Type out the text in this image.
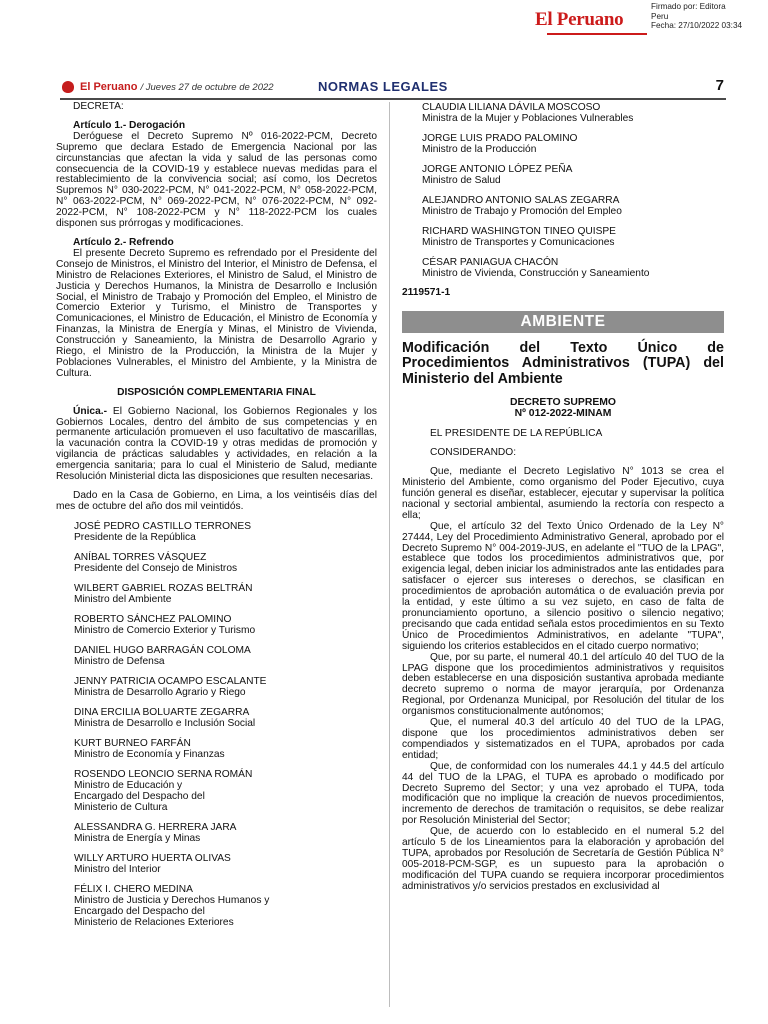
El Peruano
Firmado por: Editora
Peru
Fecha: 27/10/2022 03:34
El Peruano / Jueves 27 de octubre de 2022	NORMAS LEGALES	7

DECRETA:

Artículo 1.- Derogación

Deróguese el Decreto Supremo Nº 016-2022-PCM, Decreto Supremo que declara Estado de Emergencia Nacional por las circunstancias que afectan la vida y salud de las personas como consecuencia de la COVID-19 y establece nuevas medidas para el restablecimiento de la convivencia social; así como, los Decretos Supremos N° 030-2022-PCM, N° 041-2022-PCM, N° 058-2022-PCM, N° 063-2022-PCM, N° 069-2022-PCM, N° 076-2022-PCM, N° 092-2022-PCM, N° 108-2022-PCM y N° 118-2022-PCM los cuales disponen sus prórrogas y modificaciones.

Artículo 2.- Refrendo

El presente Decreto Supremo es refrendado por el Presidente del Consejo de Ministros, el Ministro del Interior, el Ministro de Defensa, el Ministro de Relaciones Exteriores, el Ministro de Salud, el Ministro de Justicia y Derechos Humanos, la Ministra de Desarrollo e Inclusión Social, el Ministro de Trabajo y Promoción del Empleo, el Ministro de Comercio Exterior y Turismo, el Ministro de Transportes y Comunicaciones, el Ministro de Educación, el Ministro de Economía y Finanzas, la Ministra de Energía y Minas, el Ministro de Vivienda, Construcción y Saneamiento, la Ministra de Desarrollo Agrario y Riego, el Ministro de la Producción, la Ministra de la Mujer y Poblaciones Vulnerables, el Ministro del Ambiente, y la Ministra de Cultura.

DISPOSICIÓN COMPLEMENTARIA FINAL

Única.- El Gobierno Nacional, los Gobiernos Regionales y los Gobiernos Locales, dentro del ámbito de sus competencias y en permanente articulación promueven el uso facultativo de mascarillas, la vacunación contra la COVID-19 y otras medidas de promoción y vigilancia de prácticas saludables y actividades, en relación a la emergencia sanitaria; para lo cual el Ministerio de Salud, mediante Resolución Ministerial dicta las disposiciones que resulten necesarias.

Dado en la Casa de Gobierno, en Lima, a los veintiséis días del mes de octubre del año dos mil veintidós.

JOSÉ PEDRO CASTILLO TERRONES
Presidente de la República
ANÍBAL TORRES VÁSQUEZ
Presidente del Consejo de Ministros
WILBERT GABRIEL ROZAS BELTRÁN
Ministro del Ambiente
ROBERTO SÁNCHEZ PALOMINO
Ministro de Comercio Exterior y Turismo
DANIEL HUGO BARRAGÁN COLOMA
Ministro de Defensa
JENNY PATRICIA OCAMPO ESCALANTE
Ministra de Desarrollo Agrario y Riego
DINA ERCILIA BOLUARTE ZEGARRA
Ministra de Desarrollo e Inclusión Social
KURT BURNEO FARFÁN
Ministro de Economía y Finanzas
ROSENDO LEONCIO SERNA ROMÁN
Ministro de Educación y
Encargado del Despacho del
Ministerio de Cultura
ALESSANDRA G. HERRERA JARA
Ministra de Energía y Minas
WILLY ARTURO HUERTA OLIVAS
Ministro del Interior
FÉLIX I. CHERO MEDINA
Ministro de Justicia y Derechos Humanos y
Encargado del Despacho del
Ministerio de Relaciones Exteriores
CLAUDIA LILIANA DÁVILA MOSCOSO
Ministra de la Mujer y Poblaciones Vulnerables
JORGE LUIS PRADO PALOMINO
Ministro de la Producción
JORGE ANTONIO LÓPEZ PEÑA
Ministro de Salud
ALEJANDRO ANTONIO SALAS ZEGARRA
Ministro de Trabajo y Promoción del Empleo
RICHARD WASHINGTON TINEO QUISPE
Ministro de Transportes y Comunicaciones
CÉSAR PANIAGUA CHACÓN
Ministro de Vivienda, Construcción y Saneamiento

2119571-1

AMBIENTE

Modificación del Texto Único de Procedimientos Administrativos (TUPA) del Ministerio del Ambiente

DECRETO SUPREMO
Nº 012-2022-MINAM

EL PRESIDENTE DE LA REPÚBLICA

CONSIDERANDO:

Que, mediante el Decreto Legislativo N° 1013 se crea el Ministerio del Ambiente, como organismo del Poder Ejecutivo, cuya función general es diseñar, establecer, ejecutar y supervisar la política nacional y sectorial ambiental, asumiendo la rectoría con respecto a ella;

Que, el artículo 32 del Texto Único Ordenado de la Ley N° 27444, Ley del Procedimiento Administrativo General, aprobado por el Decreto Supremo N° 004-2019-JUS, en adelante el "TUO de la LPAG", establece que todos los procedimientos administrativos que, por exigencia legal, deben iniciar los administrados ante las entidades para satisfacer o ejercer sus intereses o derechos, se clasifican en procedimientos de aprobación automática o de evaluación previa por la entidad, y este último a su vez sujeto, en caso de falta de pronunciamiento oportuno, a silencio positivo o silencio negativo; precisando que cada entidad señala estos procedimientos en su Texto Único de Procedimientos Administrativos, en adelante "TUPA", siguiendo los criterios establecidos en el citado cuerpo normativo;

Que, por su parte, el numeral 40.1 del artículo 40 del TUO de la LPAG dispone que los procedimientos administrativos y requisitos deben establecerse en una disposición sustantiva aprobada mediante decreto supremo o norma de mayor jerarquía, por Ordenanza Regional, por Ordenanza Municipal, por Resolución del titular de los organismos constitucionalmente autónomos;

Que, el numeral 40.3 del artículo 40 del TUO de la LPAG, dispone que los procedimientos administrativos deben ser compendiados y sistematizados en el TUPA, aprobados por cada entidad;

Que, de conformidad con los numerales 44.1 y 44.5 del artículo 44 del TUO de la LPAG, el TUPA es aprobado o modificado por Decreto Supremo del Sector; y una vez aprobado el TUPA, toda modificación que no implique la creación de nuevos procedimientos, incremento de derechos de tramitación o requisitos, se debe realizar por Resolución Ministerial del Sector;

Que, de acuerdo con lo establecido en el numeral 5.2 del artículo 5 de los Lineamientos para la elaboración y aprobación del TUPA, aprobados por Resolución de Secretaría de Gestión Pública N° 005-2018-PCM-SGP, es un supuesto para la aprobación o modificación del TUPA cuando se requiera incorporar procedimientos administrativos y/o servicios prestados en exclusividad al
